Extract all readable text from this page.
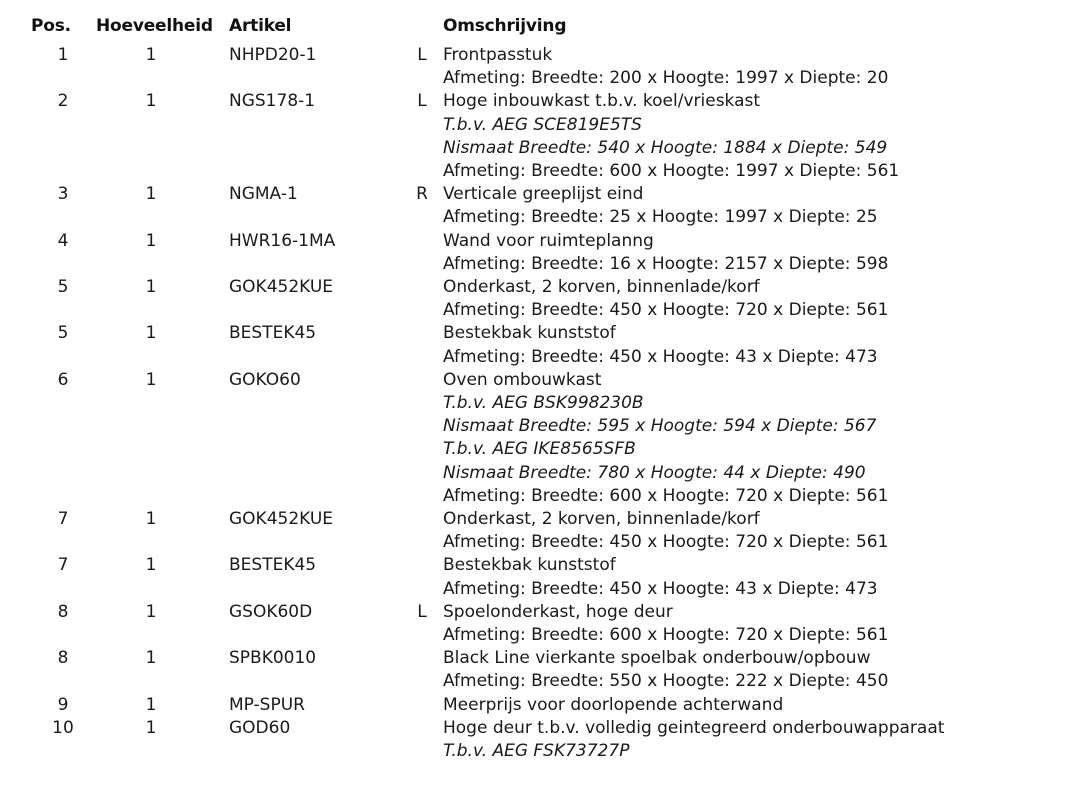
Pos. Hoeveelheid Artikel	Omschrijving
1	1	NHPD20-1	L Frontpasstuk
Afmeting: Breedte: 200 x Hoogte: 1997 x Diepte: 20
2	1	NGS178-1	L Hoge inbouwkast t.b.v. koel/vrieskast
T.b.v. AEG SCE819E5TS
Nismaat Breedte: 540 x Hoogte: 1884 x Diepte: 549
Afmeting: Breedte: 600 x Hoogte: 1997 x Diepte: 561
3	1	NGMA-1	R Verticale greeplijst eind
Afmeting: Breedte: 25 x Hoogte: 1997 x Diepte: 25
4	1	HWR16-1MA	Wand voor ruimteplanng
Afmeting: Breedte: 16 x Hoogte: 2157 x Diepte: 598
5	1	GOK452KUE	Onderkast, 2 korven, binnenlade/korf
Afmeting: Breedte: 450 x Hoogte: 720 x Diepte: 561
5	1	BESTEK45	Bestekbak kunststof
Afmeting: Breedte: 450 x Hoogte: 43 x Diepte: 473
6	1	GOKO60	Oven ombouwkast
T.b.v. AEG BSK998230B
Nismaat Breedte: 595 x Hoogte: 594 x Diepte: 567
T.b.v. AEG IKE8565SFB
Nismaat Breedte: 780 x Hoogte: 44 x Diepte: 490
Afmeting: Breedte: 600 x Hoogte: 720 x Diepte: 561
7	1	GOK452KUE	Onderkast, 2 korven, binnenlade/korf
Afmeting: Breedte: 450 x Hoogte: 720 x Diepte: 561
7	1	BESTEK45	Bestekbak kunststof
Afmeting: Breedte: 450 x Hoogte: 43 x Diepte: 473
8	1	GSOK60D	L Spoelonderkast, hoge deur
Afmeting: Breedte: 600 x Hoogte: 720 x Diepte: 561
8	1	SPBK0010	Black Line vierkante spoelbak onderbouw/opbouw
Afmeting: Breedte: 550 x Hoogte: 222 x Diepte: 450
9	1	MP-SPUR	Meerprijs voor doorlopende achterwand
10	1	GOD60	Hoge deur t.b.v. volledig geintegreerd onderbouwapparaat
T.b.v. AEG FSK73727P
